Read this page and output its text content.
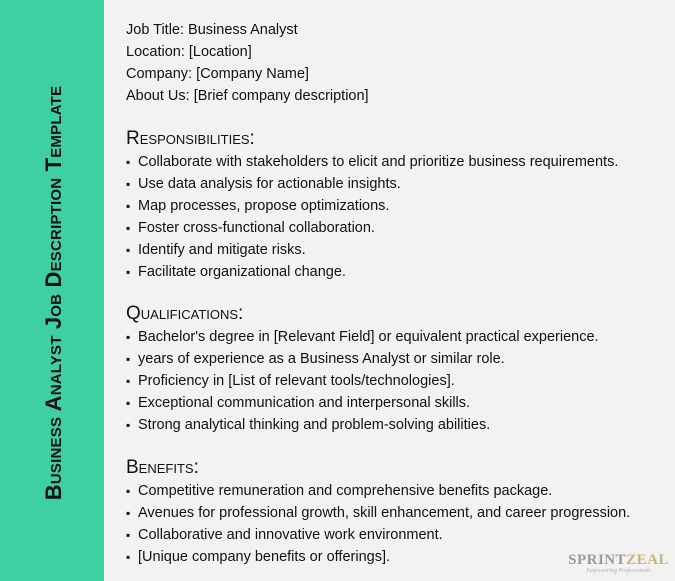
Business Analyst Job Description Template
Job Title: Business Analyst
Location: [Location]
Company: [Company Name]
About Us: [Brief company description]
Responsibilities:
▪ Collaborate with stakeholders to elicit and prioritize business requirements.
▪ Use data analysis for actionable insights.
▪ Map processes, propose optimizations.
▪ Foster cross-functional collaboration.
▪ Identify and mitigate risks.
▪ Facilitate organizational change.
Qualifications:
▪ Bachelor's degree in [Relevant Field] or equivalent practical experience.
▪ years of experience as a Business Analyst or similar role.
▪ Proficiency in [List of relevant tools/technologies].
▪ Exceptional communication and interpersonal skills.
▪ Strong analytical thinking and problem-solving abilities.
Benefits:
▪ Competitive remuneration and comprehensive benefits package.
▪ Avenues for professional growth, skill enhancement, and career progression.
▪ Collaborative and innovative work environment.
▪ [Unique company benefits or offerings].	SPRINTZEAL
Empowering Professionals
